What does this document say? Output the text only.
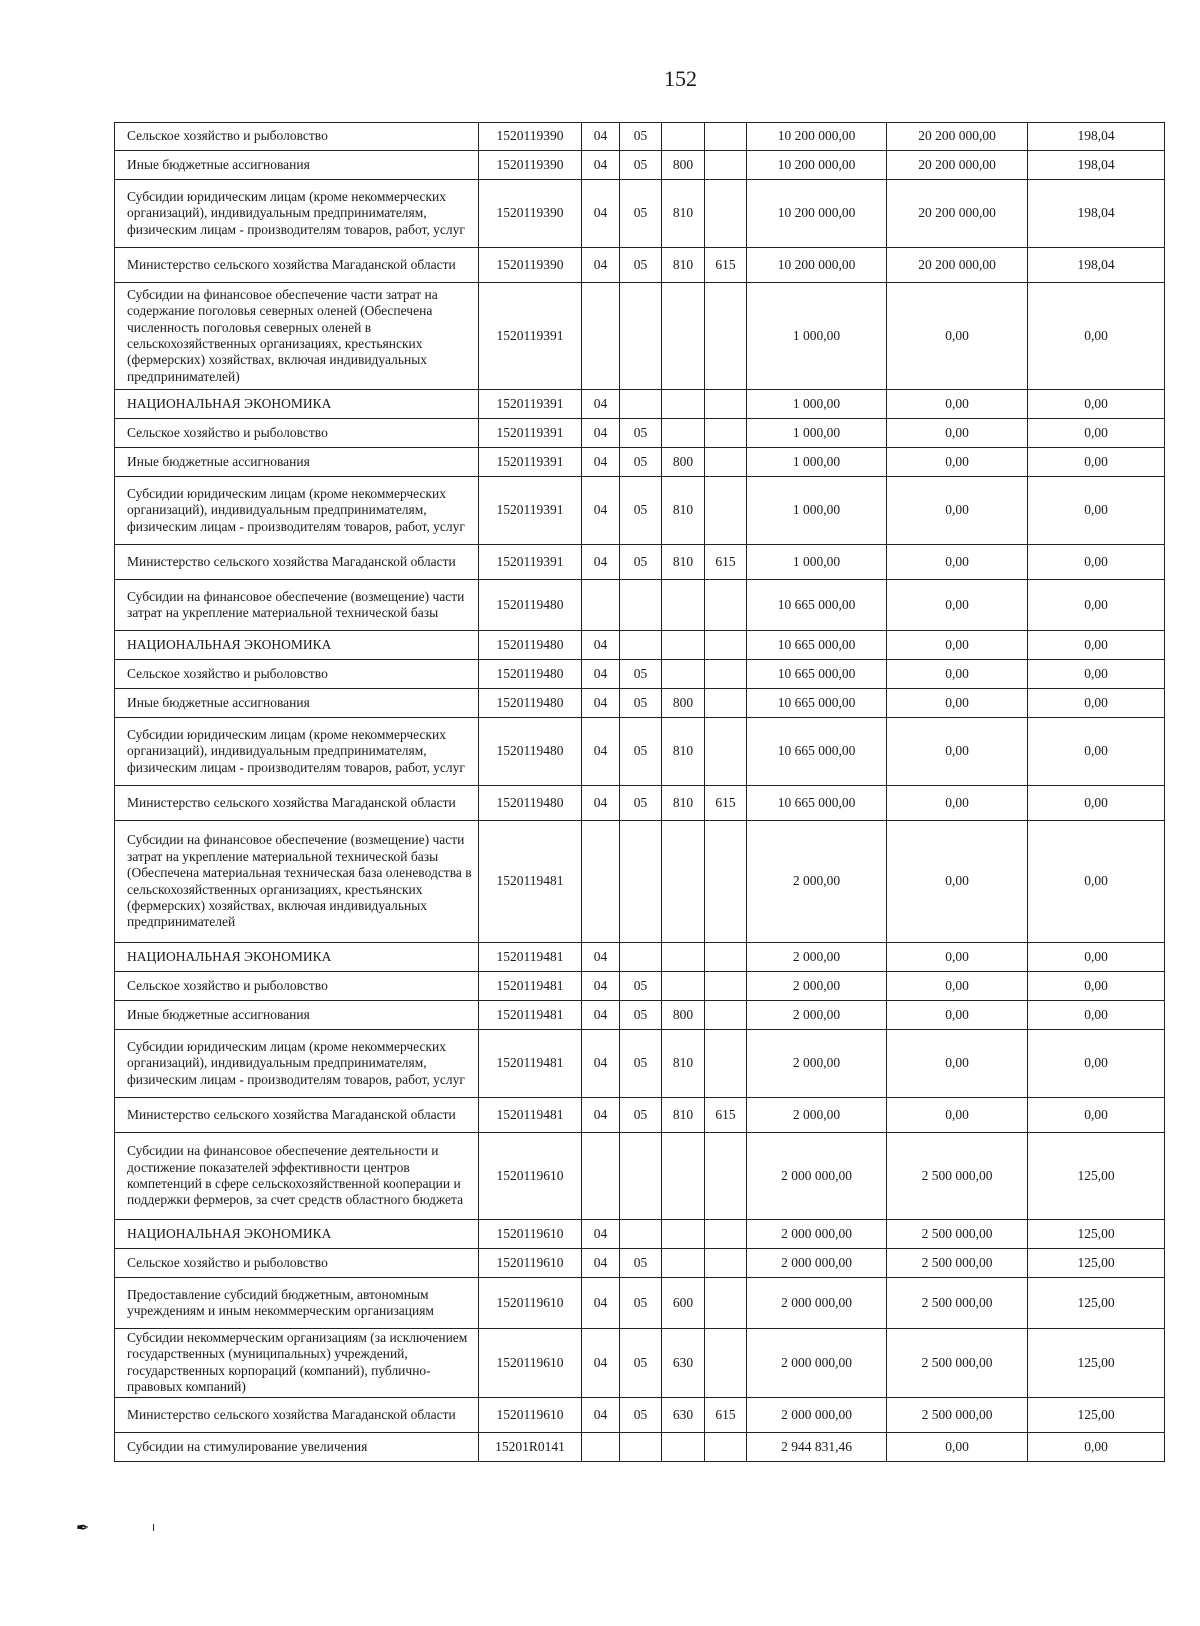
152
Сельское хозяйство и рыболовство	1520119390	04	05			10 200 000,00	20 200 000,00	198,04
Иные бюджетные ассигнования	1520119390	04	05	800		10 200 000,00	20 200 000,00	198,04
Субсидии юридическим лицам (кроме некоммерческих организаций), индивидуальным предпринимателям, физическим лицам - производителям товаров, работ, услуг	1520119390	04	05	810		10 200 000,00	20 200 000,00	198,04
Министерство сельского хозяйства Магаданской области	1520119390	04	05	810	615	10 200 000,00	20 200 000,00	198,04
Субсидии на финансовое обеспечение части затрат на содержание поголовья северных оленей (Обеспечена численность поголовья северных оленей в сельскохозяйственных организациях, крестьянских (фермерских) хозяйствах, включая индивидуальных предпринимателей)	1520119391					1 000,00	0,00	0,00
НАЦИОНАЛЬНАЯ ЭКОНОМИКА	1520119391	04				1 000,00	0,00	0,00
Сельское хозяйство и рыболовство	1520119391	04	05			1 000,00	0,00	0,00
Иные бюджетные ассигнования	1520119391	04	05	800		1 000,00	0,00	0,00
Субсидии юридическим лицам (кроме некоммерческих организаций), индивидуальным предпринимателям, физическим лицам - производителям товаров, работ, услуг	1520119391	04	05	810		1 000,00	0,00	0,00
Министерство сельского хозяйства Магаданской области	1520119391	04	05	810	615	1 000,00	0,00	0,00
Субсидии на финансовое обеспечение (возмещение) части затрат на укрепление материальной технической базы	1520119480					10 665 000,00	0,00	0,00
НАЦИОНАЛЬНАЯ ЭКОНОМИКА	1520119480	04				10 665 000,00	0,00	0,00
Сельское хозяйство и рыболовство	1520119480	04	05			10 665 000,00	0,00	0,00
Иные бюджетные ассигнования	1520119480	04	05	800		10 665 000,00	0,00	0,00
Субсидии юридическим лицам (кроме некоммерческих организаций), индивидуальным предпринимателям, физическим лицам - производителям товаров, работ, услуг	1520119480	04	05	810		10 665 000,00	0,00	0,00
Министерство сельского хозяйства Магаданской области	1520119480	04	05	810	615	10 665 000,00	0,00	0,00
Субсидии на финансовое обеспечение (возмещение) части затрат на укрепление материальной технической базы (Обеспечена материальная техническая база оленеводства в сельскохозяйственных организациях, крестьянских (фермерских) хозяйствах, включая индивидуальных предпринимателей	1520119481					2 000,00	0,00	0,00
НАЦИОНАЛЬНАЯ ЭКОНОМИКА	1520119481	04				2 000,00	0,00	0,00
Сельское хозяйство и рыболовство	1520119481	04	05			2 000,00	0,00	0,00
Иные бюджетные ассигнования	1520119481	04	05	800		2 000,00	0,00	0,00
Субсидии юридическим лицам (кроме некоммерческих организаций), индивидуальным предпринимателям, физическим лицам - производителям товаров, работ, услуг	1520119481	04	05	810		2 000,00	0,00	0,00
Министерство сельского хозяйства Магаданской области	1520119481	04	05	810	615	2 000,00	0,00	0,00
Субсидии на финансовое обеспечение деятельности и достижение показателей эффективности центров компетенций в сфере сельскохозяйственной кооперации и поддержки фермеров, за счет средств областного бюджета	1520119610					2 000 000,00	2 500 000,00	125,00
НАЦИОНАЛЬНАЯ ЭКОНОМИКА	1520119610	04				2 000 000,00	2 500 000,00	125,00
Сельское хозяйство и рыболовство	1520119610	04	05			2 000 000,00	2 500 000,00	125,00
Предоставление субсидий бюджетным, автономным учреждениям и иным некоммерческим организациям	1520119610	04	05	600		2 000 000,00	2 500 000,00	125,00
Субсидии некоммерческим организациям (за исключением государственных (муниципальных) учреждений, государственных корпораций (компаний), публично-правовых компаний)	1520119610	04	05	630		2 000 000,00	2 500 000,00	125,00
Министерство сельского хозяйства Магаданской области	1520119610	04	05	630	615	2 000 000,00	2 500 000,00	125,00
Субсидии на стимулирование увеличения	15201R0141					2 944 831,46	0,00	0,00
✒	╵
